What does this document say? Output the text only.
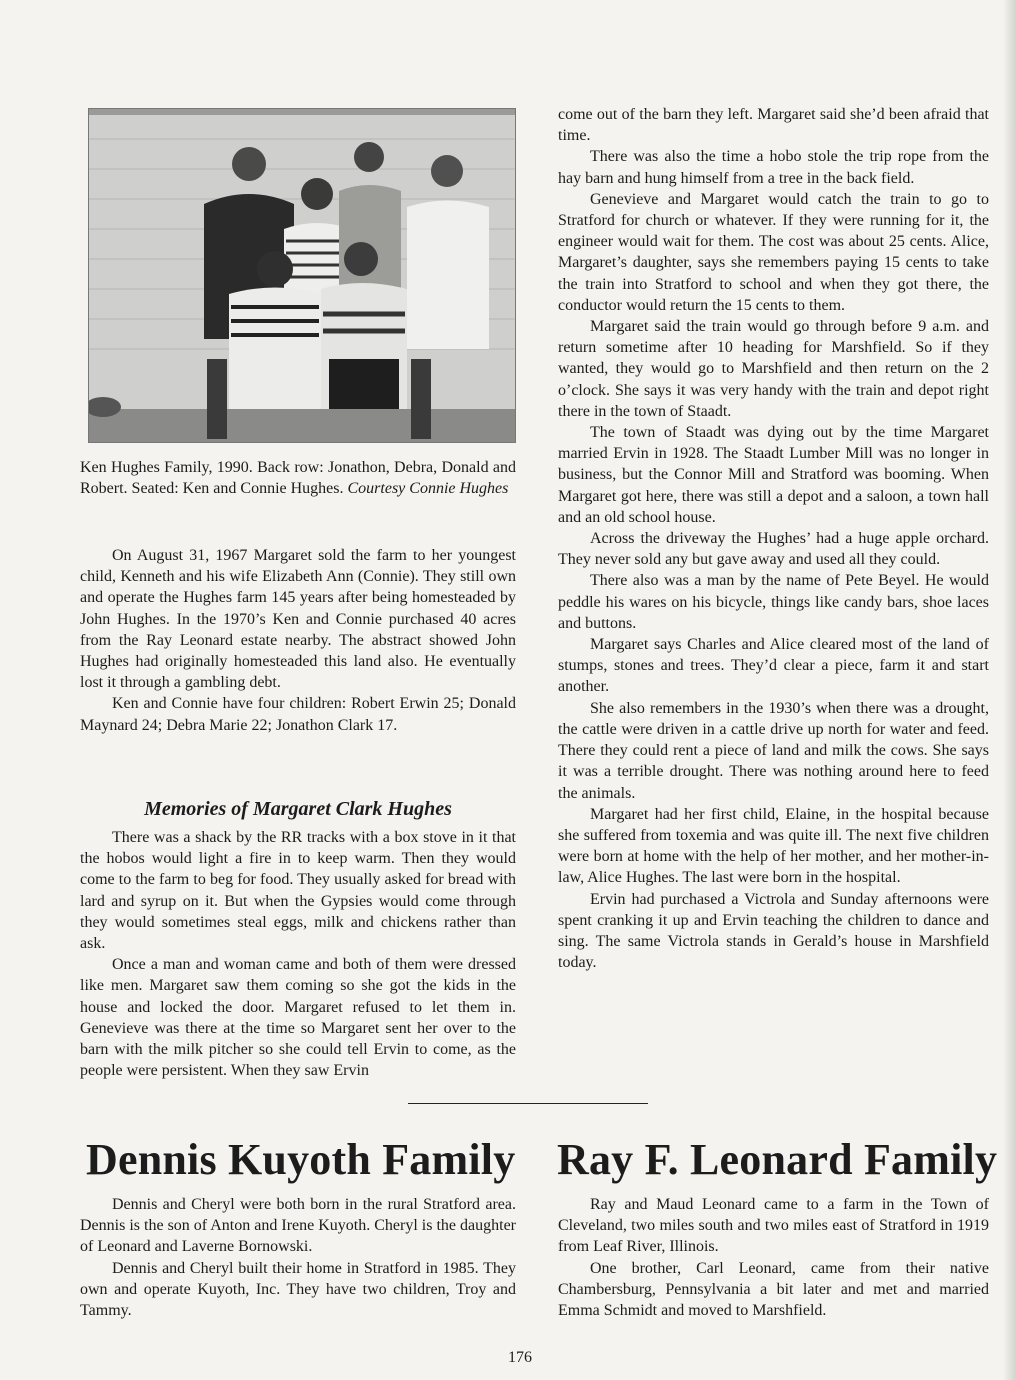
Ken Hughes Family, 1990. Back row: Jonathon, Debra, Donald and Robert. Seated: Ken and Connie Hughes. Courtesy Connie Hughes

On August 31, 1967 Margaret sold the farm to her youngest child, Kenneth and his wife Elizabeth Ann (Connie). They still own and operate the Hughes farm 145 years after being homesteaded by John Hughes. In the 1970’s Ken and Connie purchased 40 acres from the Ray Leonard estate nearby. The abstract showed John Hughes had originally homesteaded this land also. He eventually lost it through a gambling debt.

Ken and Connie have four children: Robert Erwin 25; Donald Maynard 24; Debra Marie 22; Jonathon Clark 17.

Memories of Margaret Clark Hughes

There was a shack by the RR tracks with a box stove in it that the hobos would light a fire in to keep warm. Then they would come to the farm to beg for food. They usually asked for bread with lard and syrup on it. But when the Gypsies would come through they would sometimes steal eggs, milk and chickens rather than ask.

Once a man and woman came and both of them were dressed like men. Margaret saw them coming so she got the kids in the house and locked the door. Margaret refused to let them in. Genevieve was there at the time so Margaret sent her over to the barn with the milk pitcher so she could tell Ervin to come, as the people were persistent. When they saw Ervin

come out of the barn they left. Margaret said she’d been afraid that time.

There was also the time a hobo stole the trip rope from the hay barn and hung himself from a tree in the back field.

Genevieve and Margaret would catch the train to go to Stratford for church or whatever. If they were running for it, the engineer would wait for them. The cost was about 25 cents. Alice, Margaret’s daughter, says she remembers paying 15 cents to take the train into Stratford to school and when they got there, the conductor would return the 15 cents to them.

Margaret said the train would go through before 9 a.m. and return sometime after 10 heading for Marshfield. So if they wanted, they would go to Marshfield and then return on the 2 o’clock. She says it was very handy with the train and depot right there in the town of Staadt.

The town of Staadt was dying out by the time Margaret married Ervin in 1928. The Staadt Lumber Mill was no longer in business, but the Connor Mill and Stratford was booming. When Margaret got here, there was still a depot and a saloon, a town hall and an old school house.

Across the driveway the Hughes’ had a huge apple orchard. They never sold any but gave away and used all they could.

There also was a man by the name of Pete Beyel. He would peddle his wares on his bicycle, things like candy bars, shoe laces and buttons.

Margaret says Charles and Alice cleared most of the land of stumps, stones and trees. They’d clear a piece, farm it and start another.

She also remembers in the 1930’s when there was a drought, the cattle were driven in a cattle drive up north for water and feed. There they could rent a piece of land and milk the cows. She says it was a terrible drought. There was nothing around here to feed the animals.

Margaret had her first child, Elaine, in the hospital because she suffered from toxemia and was quite ill. The next five children were born at home with the help of her mother, and her mother-in-law, Alice Hughes. The last were born in the hospital.

Ervin had purchased a Victrola and Sunday afternoons were spent cranking it up and Ervin teaching the children to dance and sing. The same Victrola stands in Gerald’s house in Marshfield today.

Dennis Kuyoth Family

Dennis and Cheryl were both born in the rural Stratford area. Dennis is the son of Anton and Irene Kuyoth. Cheryl is the daughter of Leonard and Laverne Bornowski.

Dennis and Cheryl built their home in Stratford in 1985. They own and operate Kuyoth, Inc. They have two children, Troy and Tammy.

Ray F. Leonard Family

Ray and Maud Leonard came to a farm in the Town of Cleveland, two miles south and two miles east of Stratford in 1919 from Leaf River, Illinois.

One brother, Carl Leonard, came from their native Chambersburg, Pennsylvania a bit later and met and married Emma Schmidt and moved to Marshfield.

176
